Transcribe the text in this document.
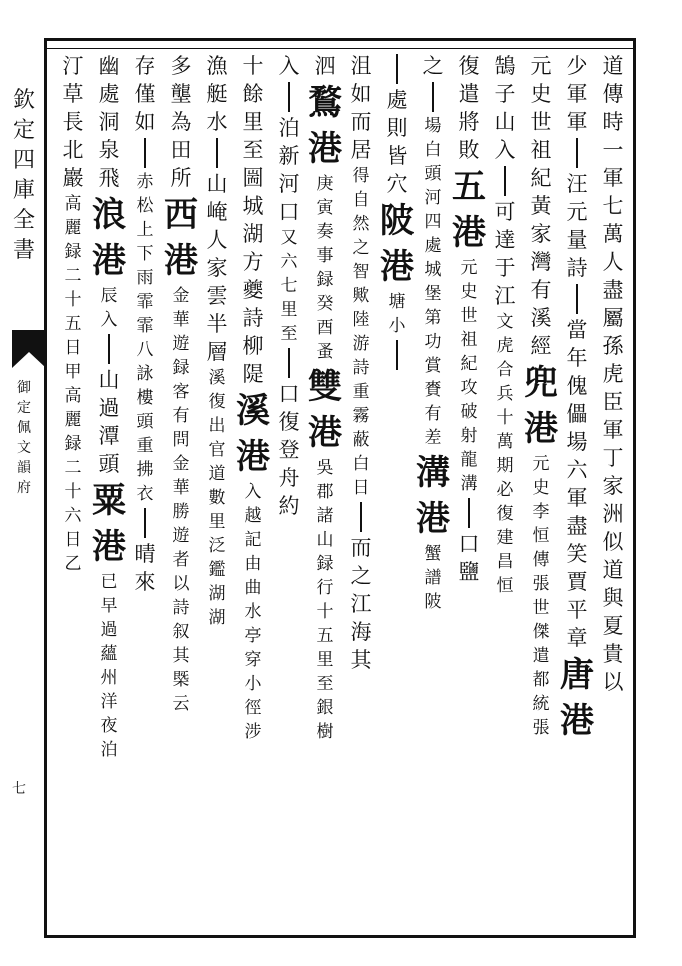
欽
定
四
庫
全
書
御
定
佩
文
韻
府
七
道
傳
時
一
軍
七
萬
人
盡
屬
孫
虎
臣
軍
丁
家
洲
似
道
與
夏
貴
以
少
軍
軍
汪
元
量
詩
當
年
傀
儡
場
六
軍
盡
笑
賈
平
章
唐
港
元
史
世
祖
紀
黃
家
灣
有
溪
經
兜
港
元
史
李
恒
傳
張
世
傑
遣
都
統
張
鵠
子
山
入
可
達
于
江
文
虎
合
兵
十
萬
期
必
復
建
昌
恒
復
遣
將
敗
五
港
元
史
世
祖
紀
攻
破
射
龍
溝
口
鹽
之
場
白
頭
河
四
處
城
堡
第
功
賞
賚
有
差
溝
港
蟹
譜
陂
處
則
皆
穴
陂
港
塘
小
沮
如
而
居
得
自
然
之
智
歟
陸
游
詩
重
霧
蔽
白
日
而
之
江
海
其
泗
鶩
港
庚
寅
奏
事
録
癸
酉
蚤
雙
港
吳
郡
諸
山
録
行
十
五
里
至
銀
樹
入
泊
新
河
口
又
六
七
里
至
口
復
登
舟
約
十
餘
里
至
圌
城
湖
方
夔
詩
柳
隄
溪
港
入
越
記
由
曲
水
亭
穿
小
徑
涉
漁
艇
水
山
崦
人
家
雲
半
層
溪
復
出
官
道
數
里
泛
鑑
湖
湖
多
壟
為
田
所
西
港
金
華
遊
録
客
有
問
金
華
勝
遊
者
以
詩
叙
其
槩
云
存
僅
如
赤
松
上
下
雨
霏
霏
八
詠
樓
頭
重
拂
衣
晴
來
幽
處
洞
泉
飛
浪
港
辰
入
山
過
潭
頭
粟
港
已
早
過
蘊
州
洋
夜
泊
汀
草
長
北
巖
高
麗
録
二
十
五
日
甲
高
麗
録
二
十
六
日
乙
